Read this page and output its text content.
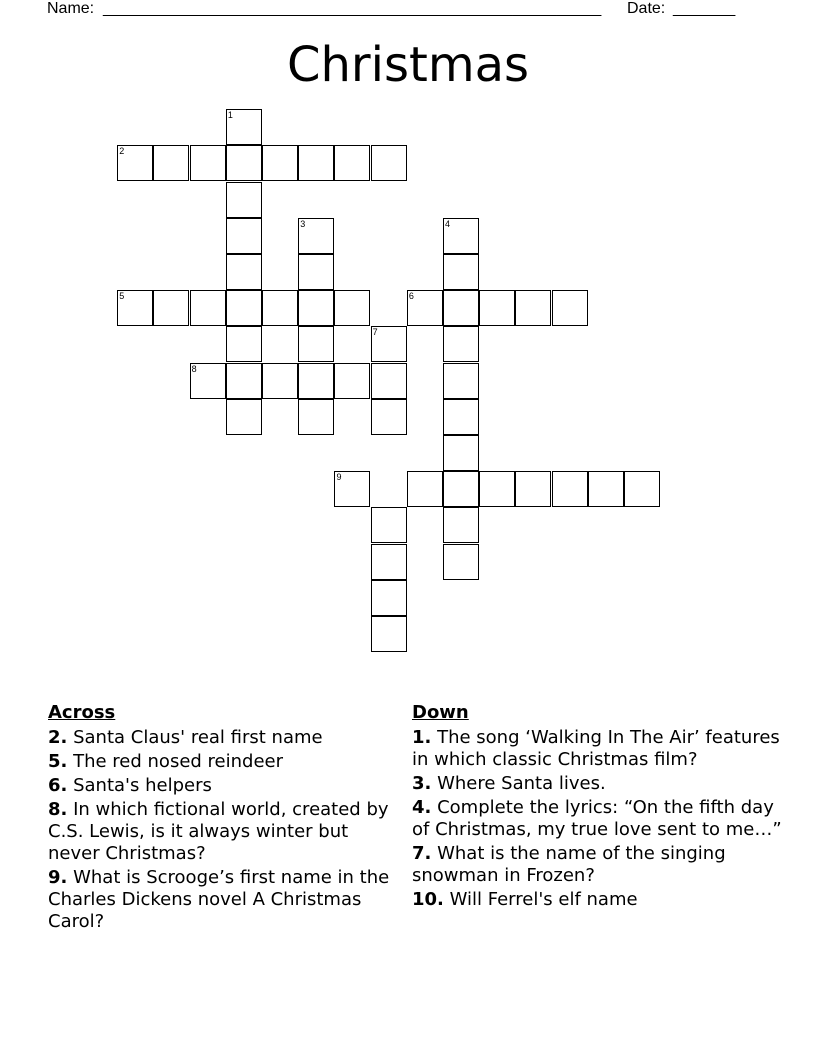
Name: ________________________________________________________ Date: _______
Christmas
1
2
3	4
5	6
7
8
9
Across
2. Santa Claus' real first name
5. The red nosed reindeer
6. Santa's helpers
8. In which fictional world, created by C.S. Lewis, is it always winter but never Christmas?
9. What is Scrooge’s first name in the Charles Dickens novel A Christmas Carol?
Down
1. The song ‘Walking In The Air’ features in which classic Christmas film?
3. Where Santa lives.
4. Complete the lyrics: “On the fifth day of Christmas, my true love sent to me…”
7. What is the name of the singing snowman in Frozen?
10. Will Ferrel's elf name
